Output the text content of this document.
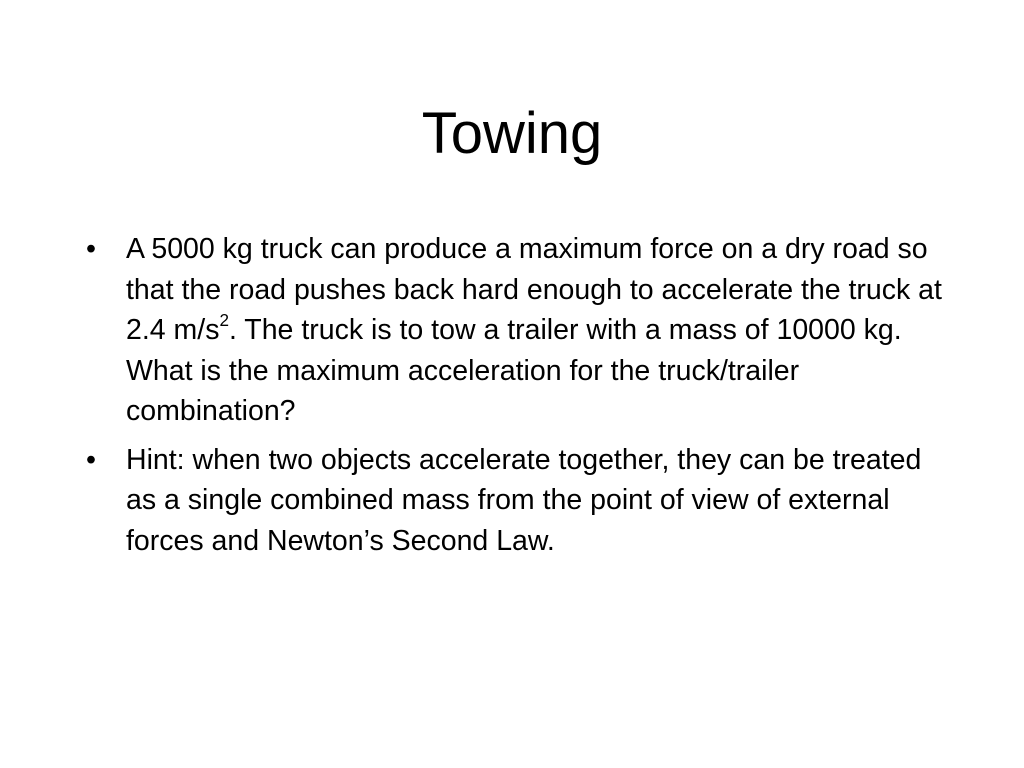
Towing
•	A 5000 kg truck can produce a maximum force on a dry road so that the road pushes back hard enough to accelerate the truck at 2.4 $m/s^2$. The truck is to tow a trailer with a mass of 10000 kg. What is the maximum acceleration for the truck/trailer combination?
•	Hint: when two objects accelerate together, they can be treated as a single combined mass from the point of view of external forces and Newton’s Second Law.
